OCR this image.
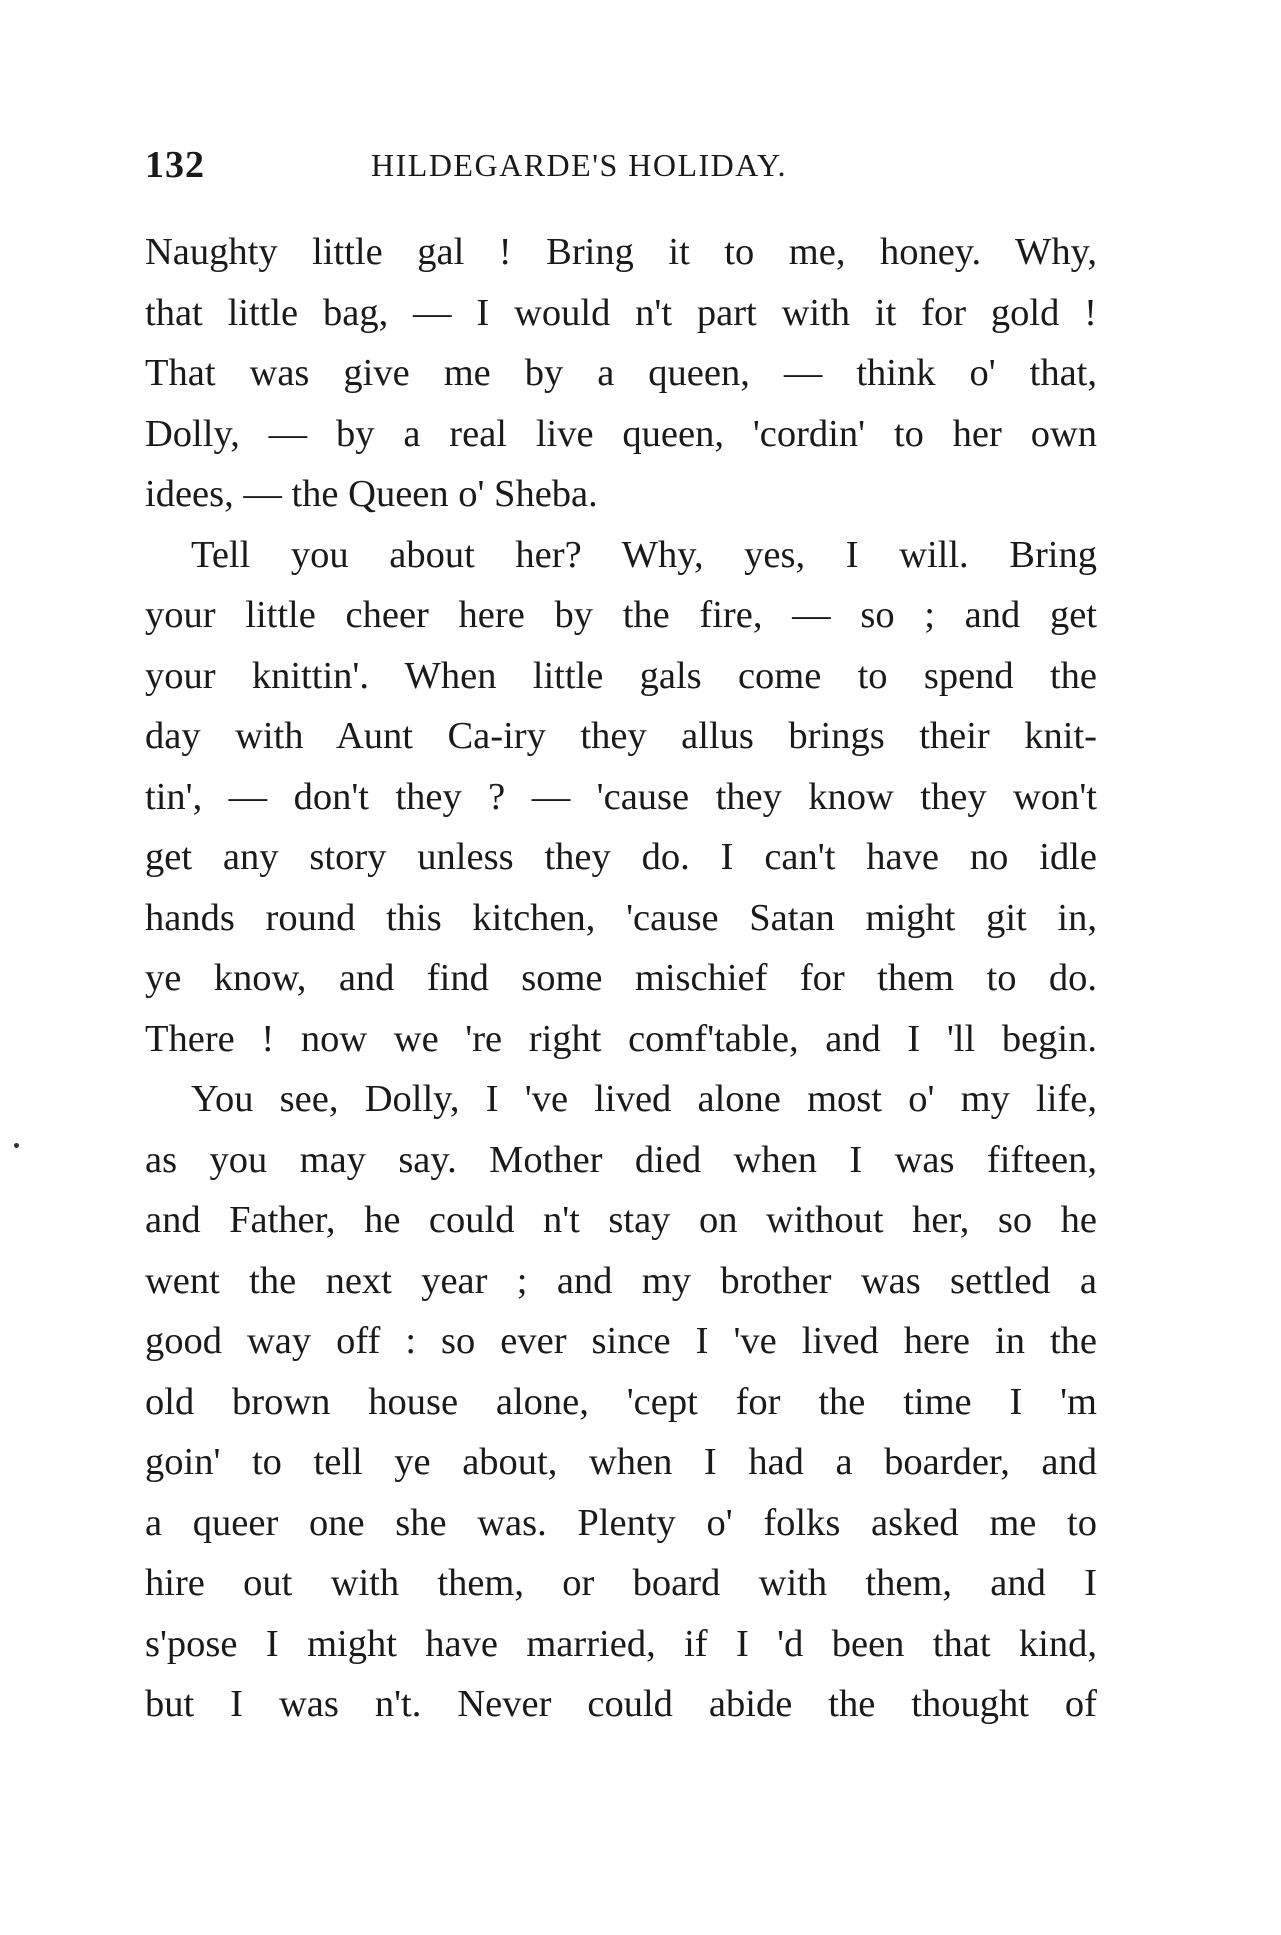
132	HILDEGARDE'S HOLIDAY.
Naughty little gal ! Bring it to me, honey. Why,
that little bag, — I would n't part with it for gold !
That was give me by a queen, — think o' that,
Dolly, — by a real live queen, 'cordin' to her own
idees, — the Queen o' Sheba.
Tell you about her? Why, yes, I will. Bring
your little cheer here by the fire, — so ; and get
your knittin'. When little gals come to spend the
day with Aunt Ca-iry they allus brings their knit-
tin', — don't they ? — 'cause they know they won't
get any story unless they do. I can't have no idle
hands round this kitchen, 'cause Satan might git in,
ye know, and find some mischief for them to do.
There ! now we 're right comf'table, and I 'll begin.
You see, Dolly, I 've lived alone most o' my life,
as you may say. Mother died when I was fifteen,
and Father, he could n't stay on without her, so he
went the next year ; and my brother was settled a
good way off : so ever since I 've lived here in the
old brown house alone, 'cept for the time I 'm
goin' to tell ye about, when I had a boarder, and
a queer one she was. Plenty o' folks asked me to
hire out with them, or board with them, and I
s'pose I might have married, if I 'd been that kind,
but I was n't. Never could abide the thought of
